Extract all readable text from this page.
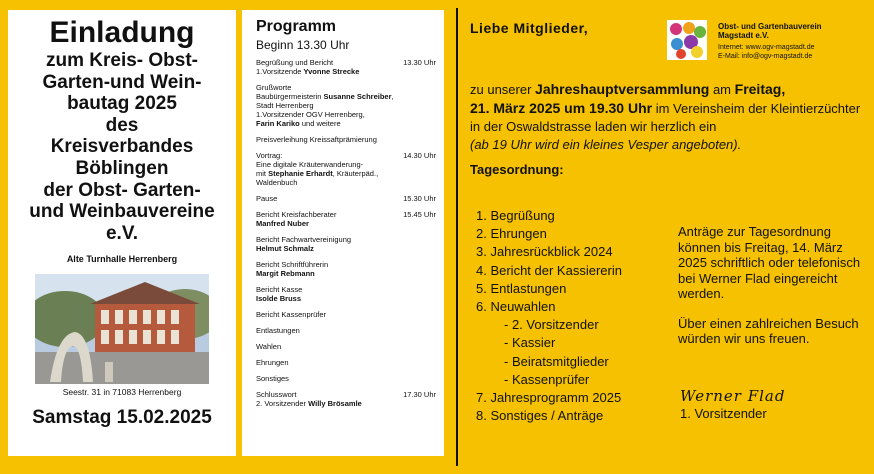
Einladung
zum Kreis- Obst-
Garten-und Wein-
bautag 2025
des
Kreisverbandes
Böblingen
der Obst- Garten-
und Weinbauvereine
e.V.
Alte Turnhalle Herrenberg
Seestr. 31 in 71083 Herrenberg
Samstag 15.02.2025
Programm
Beginn 13.30 Uhr
Begrüßung und Bericht
1.Vorsitzende Yvonne Strecke
13.30 Uhr
Grußworte
Baubürgermeisterin Susanne Schreiber,
Stadt Herrenberg
1.Vorsitzender OGV Herrenberg,
Farin Kariko und weitere
Preisverleihung Kreissaftprämierung
Vortrag:
Eine digitale Kräuterwanderung-
mit Stephanie Erhardt, Kräuterpäd.,
Waldenbuch
14.30 Uhr
Pause	15.30 Uhr
Bericht Kreisfachberater
Manfred Nuber
15.45 Uhr
Bericht Fachwartvereinigung
Helmut Schmalz
Bericht Schriftführerin
Margit Rebmann
Bericht Kasse
Isolde Bruss
Bericht Kassenprüfer
Entlastungen
Wahlen
Ehrungen
Sonstiges
Schlusswort
2. Vorsitzender Willy Brösamle
17.30 Uhr
Liebe Mitglieder,	Obst- und Gartenbauverein
Magstadt e.V.
Internet: www.ogv-magstadt.de
E-Mail: info@ogv-magstadt.de
zu unserer Jahreshauptversammlung am Freitag,
21. März 2025 um 19.30 Uhr im Vereinsheim der Kleintierzüchter in der Oswaldstrasse laden wir herzlich ein
(ab 19 Uhr wird ein kleines Vesper angeboten).
Tagesordnung:
1. Begrüßung
2. Ehrungen
3. Jahresrückblick 2024
4. Bericht der Kassiererin
5. Entlastungen
6. Neuwahlen
- 2. Vorsitzender
- Kassier
- Beiratsmitglieder
- Kassenprüfer
7. Jahresprogramm 2025
8. Sonstiges / Anträge

Anträge zur Tagesordnung können bis Freitag, 14. März 2025 schriftlich oder telefonisch bei Werner Flad eingereicht werden.

Über einen zahlreichen Besuch würden wir uns freuen.

Werner Flad
1. Vorsitzender
